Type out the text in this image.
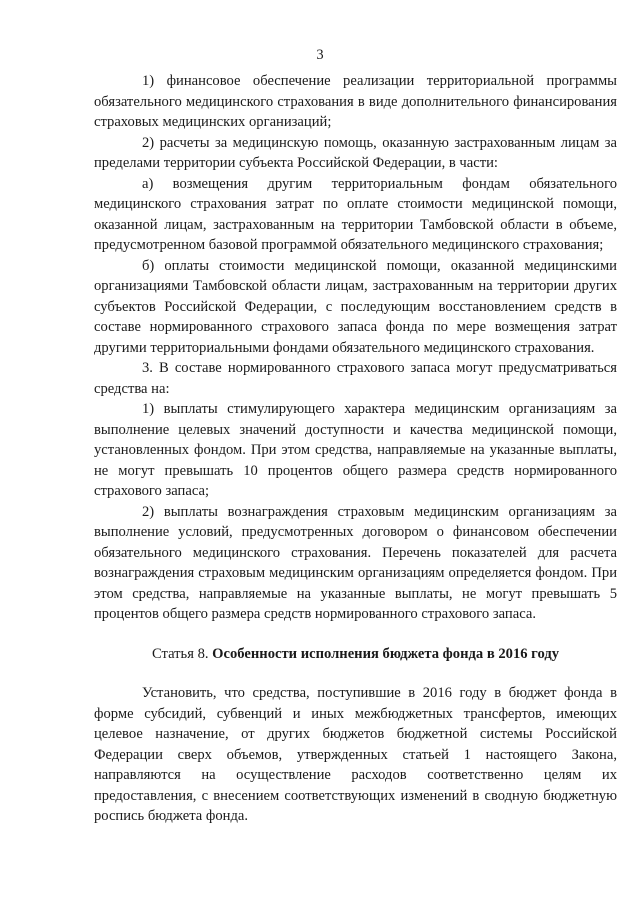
3

1) финансовое обеспечение реализации территориальной программы обязательного медицинского страхования в виде дополнительного финансирования страховых медицинских организаций;

2) расчеты за медицинскую помощь, оказанную застрахованным лицам за пределами территории субъекта Российской Федерации, в части:

а) возмещения другим территориальным фондам обязательного медицинского страхования затрат по оплате стоимости медицинской помощи, оказанной лицам, застрахованным на территории Тамбовской области в объеме, предусмотренном базовой программой обязательного медицинского страхования;

б) оплаты стоимости медицинской помощи, оказанной медицинскими организациями Тамбовской области лицам, застрахованным на территории других субъектов Российской Федерации, с последующим восстановлением средств в составе нормированного страхового запаса фонда по мере возмещения затрат другими территориальными фондами обязательного медицинского страхования.

3. В составе нормированного страхового запаса могут предусматриваться средства на:

1) выплаты стимулирующего характера медицинским организациям за выполнение целевых значений доступности и качества медицинской помощи, установленных фондом. При этом средства, направляемые на указанные выплаты, не могут превышать 10 процентов общего размера средств нормированного страхового запаса;

2) выплаты вознаграждения страховым медицинским организациям за выполнение условий, предусмотренных договором о финансовом обеспечении обязательного медицинского страхования. Перечень показателей для расчета вознаграждения страховым медицинским организациям определяется фондом. При этом средства, направляемые на указанные выплаты, не могут превышать 5 процентов общего размера средств нормированного страхового запаса.

Статья 8. Особенности исполнения бюджета фонда в 2016 году

Установить, что средства, поступившие в 2016 году в бюджет фонда в форме субсидий, субвенций и иных межбюджетных трансфертов, имеющих целевое назначение, от других бюджетов бюджетной системы Российской Федерации сверх объемов, утвержденных статьей 1 настоящего Закона, направляются на осуществление расходов соответственно целям их предоставления, с внесением соответствующих изменений в сводную бюджетную роспись бюджета фонда.
